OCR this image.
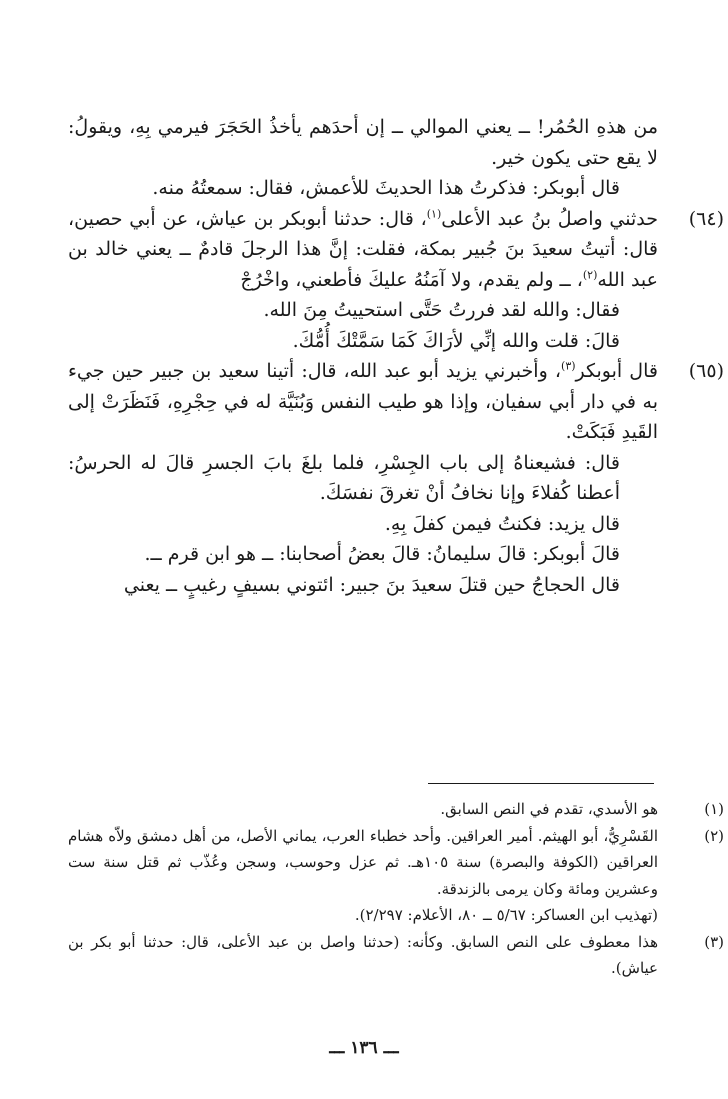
من هذهِ الحُمُر! ــ يعني الموالي ــ إن أحدَهم يأخذُ الحَجَرَ فيرمي بِهِ، ويقولُ: لا يقع حتى يكون خير.

قال أبوبكر: فذكرتُ هذا الحديثَ للأعمش، فقال: سمعتُهُ منه.

(٦٤)
حدثني واصلُ بنُ عبد الأعلى$^{(١)}$، قال: حدثنا أبوبكر بن عياش، عن أبي حصين، قال: أتيتُ سعيدَ بنَ جُبير بمكة، فقلت: إنَّ هذا الرجلَ قادمٌ ــ يعني خالد بن عبد الله$^{(٢)}$، ــ ولم يقدم، ولا آمَنُهُ عليكَ فأطعني، واخْرُجْ

فقال: والله لقد فررتُ حَتَّى استحييتُ مِنَ الله.

قالَ: قلت والله إنِّي لأرَاكَ كَمَا سَمَّتْكَ أُمُّكَ.

(٦٥)
قال أبوبكر$^{(٣)}$، وأخبرني يزيد أبو عبد الله، قال: أتينا سعيد بن جبير حين جيء به في دار أبي سفيان، وإذا هو طيب النفس وَبُنَيَّة له في حِجْرِهِ، فَنَظَرَتْ إلى القَيدِ فَبَكَتْ.

قال: فشيعناهُ إلى باب الجِسْرِ، فلما بلغَ بابَ الجسرِ قالَ له الحرسُ: أعطنا كُفلاءَ وإنا نخافُ أنْ تغرقَ نفسَكَ.

قال يزيد: فكنتُ فيمن كفلَ بِهِ.

قالَ أبوبكر: قالَ سليمانُ: قالَ بعضُ أصحابنا: ــ هو ابن قرم ــ.

قال الحجاجُ حين قتلَ سعيدَ بنَ جبير: ائتوني بسيفٍ رغيبٍ ــ يعني

(١)
هو الأسدي، تقدم في النص السابق.

(٢)
القَسْرِيُّ، أبو الهيثم. أمير العراقين. وأحد خطباء العرب، يماني الأصل، من أهل دمشق ولاّه هشام العراقين (الكوفة والبصرة) سنة ١٠٥هـ. ثم عزل وحوسب، وسجن وعُذّب ثم قتل سنة ست وعشرين ومائة وكان يرمى بالزندقة.

(تهذيب ابن العساكر: ٥/٦٧ ــ ٨٠، الأعلام: ٢/٢٩٧).

(٣)
هذا معطوف على النص السابق. وكأنه: (حدثنا واصل بن عبد الأعلى، قال: حدثنا أبو بكر بن عياش).

ـــ ١٣٦ ـــ
